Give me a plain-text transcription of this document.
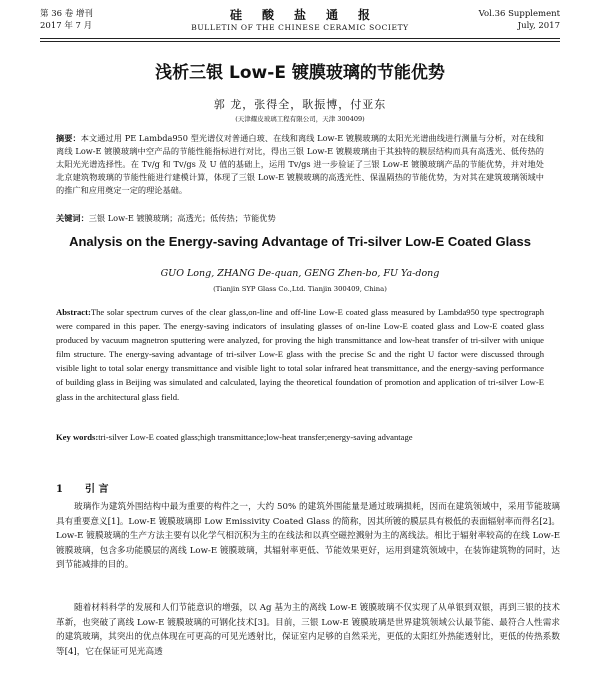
第 36 卷 增刊
2017 年 7 月
硅酸盐通报
BULLETIN OF THE CHINESE CERAMIC SOCIETY
Vol.36 Supplement
July, 2017
浅析三银 Low-E 镀膜玻璃的节能优势
郭 龙，张得全，耿振博，付亚东
(天津耀皮玻璃工程有限公司，天津 300409)
摘要：本文通过用 PE Lambda950 型光谱仪对普通白玻、在线和离线 Low-E 镀膜玻璃的太阳光光谱曲线进行测量与分析，对在线和离线 Low-E 镀膜玻璃中空产品的节能性能指标进行对比，得出三银 Low-E 镀膜玻璃由于其独特的膜层结构而具有高透光、低传热的太阳光光谱选择性。在 Tv/g 和 Tv/gs 及 U 值的基础上，运用 Tv/gs 进一步验证了三银 Low-E 镀膜玻璃产品的节能优势，并对地处北京建筑物玻璃的节能性能进行建模计算，体现了三银 Low-E 镀膜玻璃的高透光性、保温隔热的节能优势，为对其在建筑玻璃领域中的推广和应用奠定一定的理论基础。
关键词：三银 Low-E 镀膜玻璃；高透光；低传热；节能优势
Analysis on the Energy-saving Advantage of Tri-silver Low-E Coated Glass
GUO Long, ZHANG De-quan, GENG Zhen-bo, FU Ya-dong
(Tianjin SYP Glass Co.,Ltd. Tianjin 300409, China)
Abstract:The solar spectrum curves of the clear glass,on-line and off-line Low-E coated glass measured by Lambda950 type spectrograph were compared in this paper. The energy-saving indicators of insulating glasses of on-line Low-E coated glass and Low-E coated glass produced by vacuum magnetron sputtering were analyzed, for proving the high transmittance and low-heat transfer of tri-silver with unique film structure. The energy-saving advantage of tri-silver Low-E glass with the precise Sc and the right U factor were discussed through visible light to total solar energy transmittance and visible light to total solar infrared heat transmittance, and the energy-saving performance of building glass in Beijing was simulated and calculated, laying the theoretical foundation of promotion and application of tri-silver Low-E glass in the architectural glass field.
Key words:tri-silver Low-E coated glass;high transmittance;low-heat transfer;energy-saving advantage
1 引 言
玻璃作为建筑外围结构中最为重要的构件之一，大约 50% 的建筑外围能量是通过玻璃损耗，因而在建筑领域中，采用节能玻璃具有重要意义[1]。Low-E 镀膜玻璃即 Low Emissivity Coated Glass 的简称，因其所镀的膜层具有极低的表面辐射率而得名[2]。Low-E 镀膜玻璃的生产方法主要有以化学气相沉积为主的在线法和以真空磁控溅射为主的离线法。相比于辐射率较高的在线 Low-E 镀膜玻璃，包含多功能膜层的离线 Low-E 镀膜玻璃，其辐射率更低、节能效果更好，运用到建筑领域中，在装饰建筑物的同时，达到节能减排的目的。
随着材料科学的发展和人们节能意识的增强，以 Ag 基为主的离线 Low-E 镀膜玻璃不仅实现了从单银到双银，再到三银的技术革新，也突破了离线 Low-E 镀膜玻璃的可钢化技术[3]。目前，三银 Low-E 镀膜玻璃是世界建筑领域公认最节能、最符合人性需求的建筑玻璃，其突出的优点体现在可更高的可见光透射比，保证室内足够的自然采光，更低的太阳红外热能透射比，更低的传热系数等[4]，它在保证可见光高透
